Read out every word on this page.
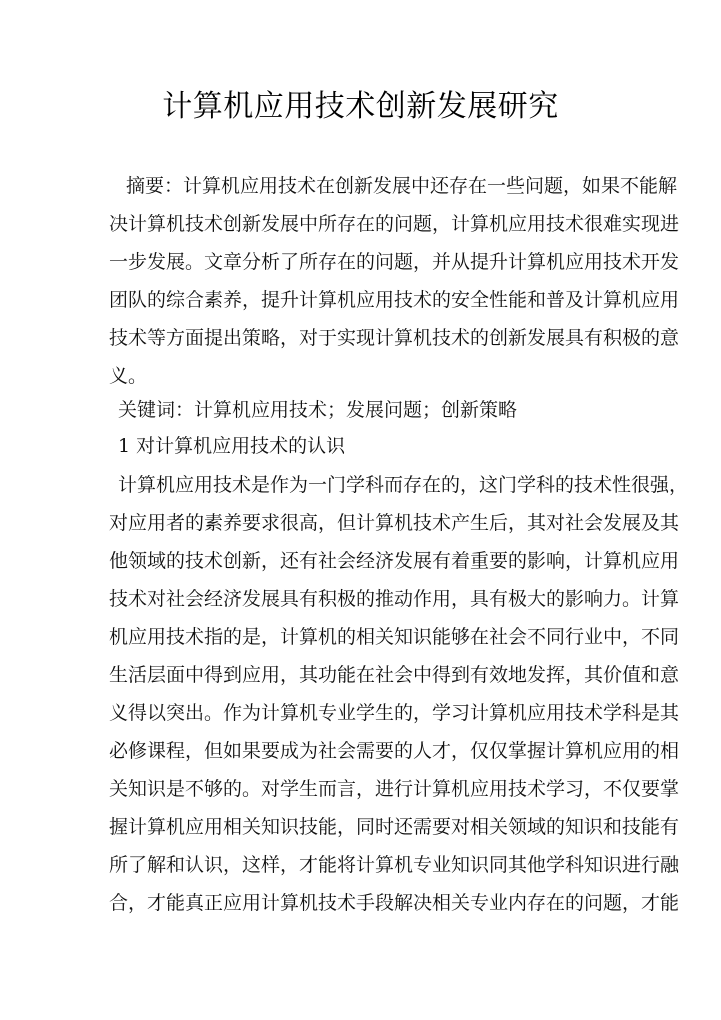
计算机应用技术创新发展研究
摘要：计算机应用技术在创新发展中还存在一些问题，如果不能解
决计算机技术创新发展中所存在的问题，计算机应用技术很难实现进
一步发展。文章分析了所存在的问题，并从提升计算机应用技术开发
团队的综合素养，提升计算机应用技术的安全性能和普及计算机应用
技术等方面提出策略，对于实现计算机技术的创新发展具有积极的意
义。
关键词：计算机应用技术；发展问题；创新策略
1 对计算机应用技术的认识
计算机应用技术是作为一门学科而存在的，这门学科的技术性很强，
对应用者的素养要求很高，但计算机技术产生后，其对社会发展及其
他领域的技术创新，还有社会经济发展有着重要的影响，计算机应用
技术对社会经济发展具有积极的推动作用，具有极大的影响力。计算
机应用技术指的是，计算机的相关知识能够在社会不同行业中，不同
生活层面中得到应用，其功能在社会中得到有效地发挥，其价值和意
义得以突出。作为计算机专业学生的，学习计算机应用技术学科是其
必修课程，但如果要成为社会需要的人才，仅仅掌握计算机应用的相
关知识是不够的。对学生而言，进行计算机应用技术学习，不仅要掌
握计算机应用相关知识技能，同时还需要对相关领域的知识和技能有
所了解和认识，这样，才能将计算机专业知识同其他学科知识进行融
合，才能真正应用计算机技术手段解决相关专业内存在的问题，才能
